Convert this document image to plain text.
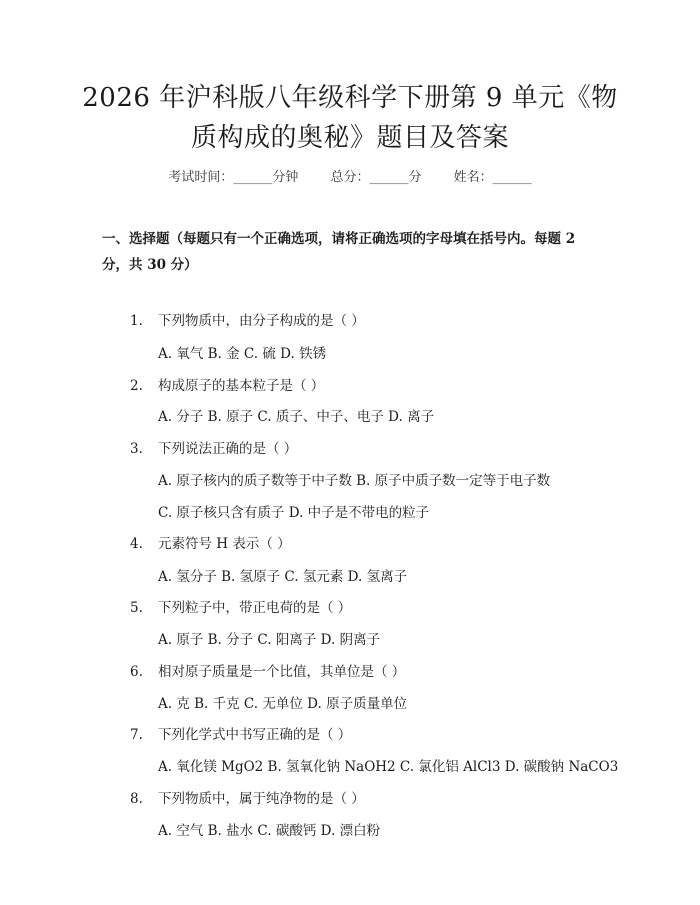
2026 年沪科版八年级科学下册第 9 单元《物
质构成的奥秘》题目及答案
考试时间：______分钟 总分：______分 姓名：______

一、选择题（每题只有一个正确选项，请将正确选项的字母填在括号内。每题 2 分，共 30 分）

1. 下列物质中，由分子构成的是（ ）
A. 氧气 B. 金 C. 硫 D. 铁锈
2. 构成原子的基本粒子是（ ）
A. 分子 B. 原子 C. 质子、中子、电子 D. 离子
3. 下列说法正确的是（ ）
A. 原子核内的质子数等于中子数 B. 原子中质子数一定等于电子数
C. 原子核只含有质子 D. 中子是不带电的粒子
4. 元素符号 H 表示（ ）
A. 氢分子 B. 氢原子 C. 氢元素 D. 氢离子
5. 下列粒子中，带正电荷的是（ ）
A. 原子 B. 分子 C. 阳离子 D. 阴离子
6. 相对原子质量是一个比值，其单位是（ ）
A. 克 B. 千克 C. 无单位 D. 原子质量单位
7. 下列化学式中书写正确的是（ ）
A. 氧化镁 MgO2 B. 氢氧化钠 NaOH2 C. 氯化铝 AlCl3 D. 碳酸钠 NaCO3
8. 下列物质中，属于纯净物的是（ ）
A. 空气 B. 盐水 C. 碳酸钙 D. 漂白粉
